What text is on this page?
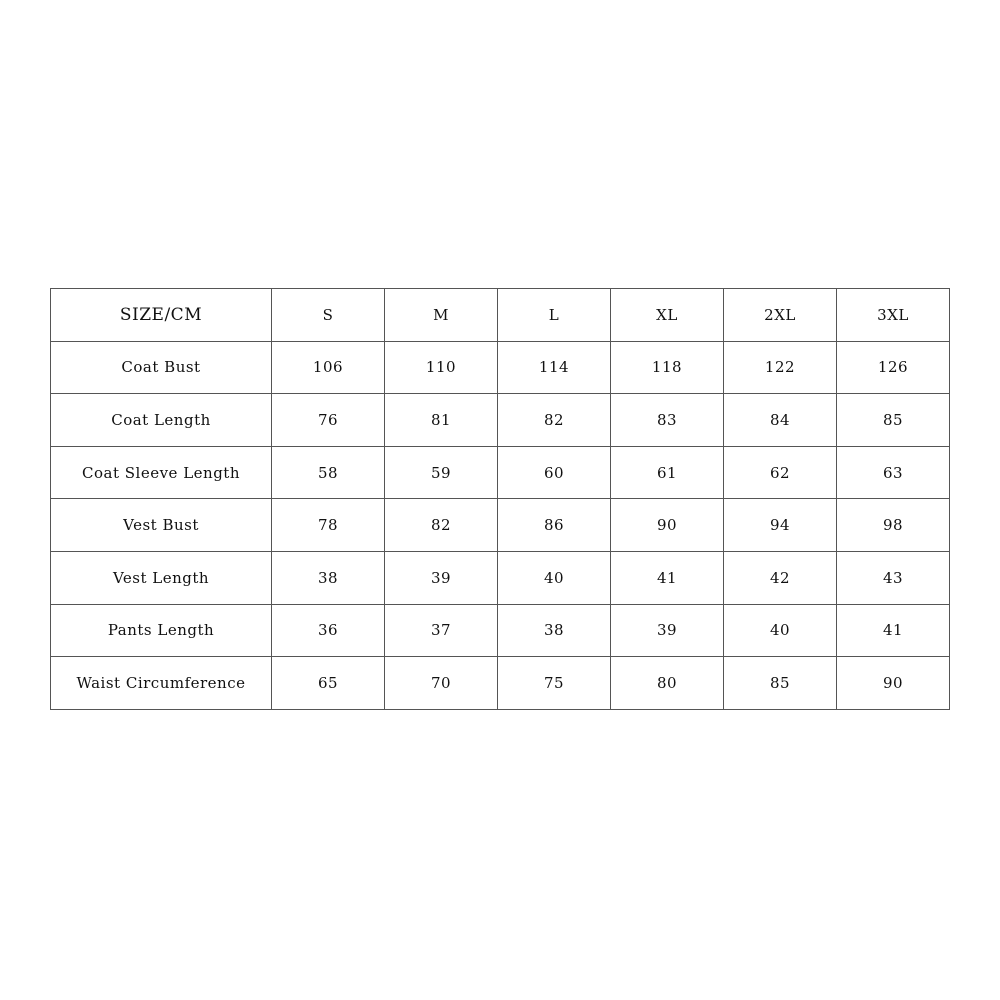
SIZE/CM	S	M	L	XL	2XL	3XL
Coat Bust	106	110	114	118	122	126
Coat Length	76	81	82	83	84	85
Coat Sleeve Length	58	59	60	61	62	63
Vest Bust	78	82	86	90	94	98
Vest Length	38	39	40	41	42	43
Pants Length	36	37	38	39	40	41
Waist Circumference	65	70	75	80	85	90
